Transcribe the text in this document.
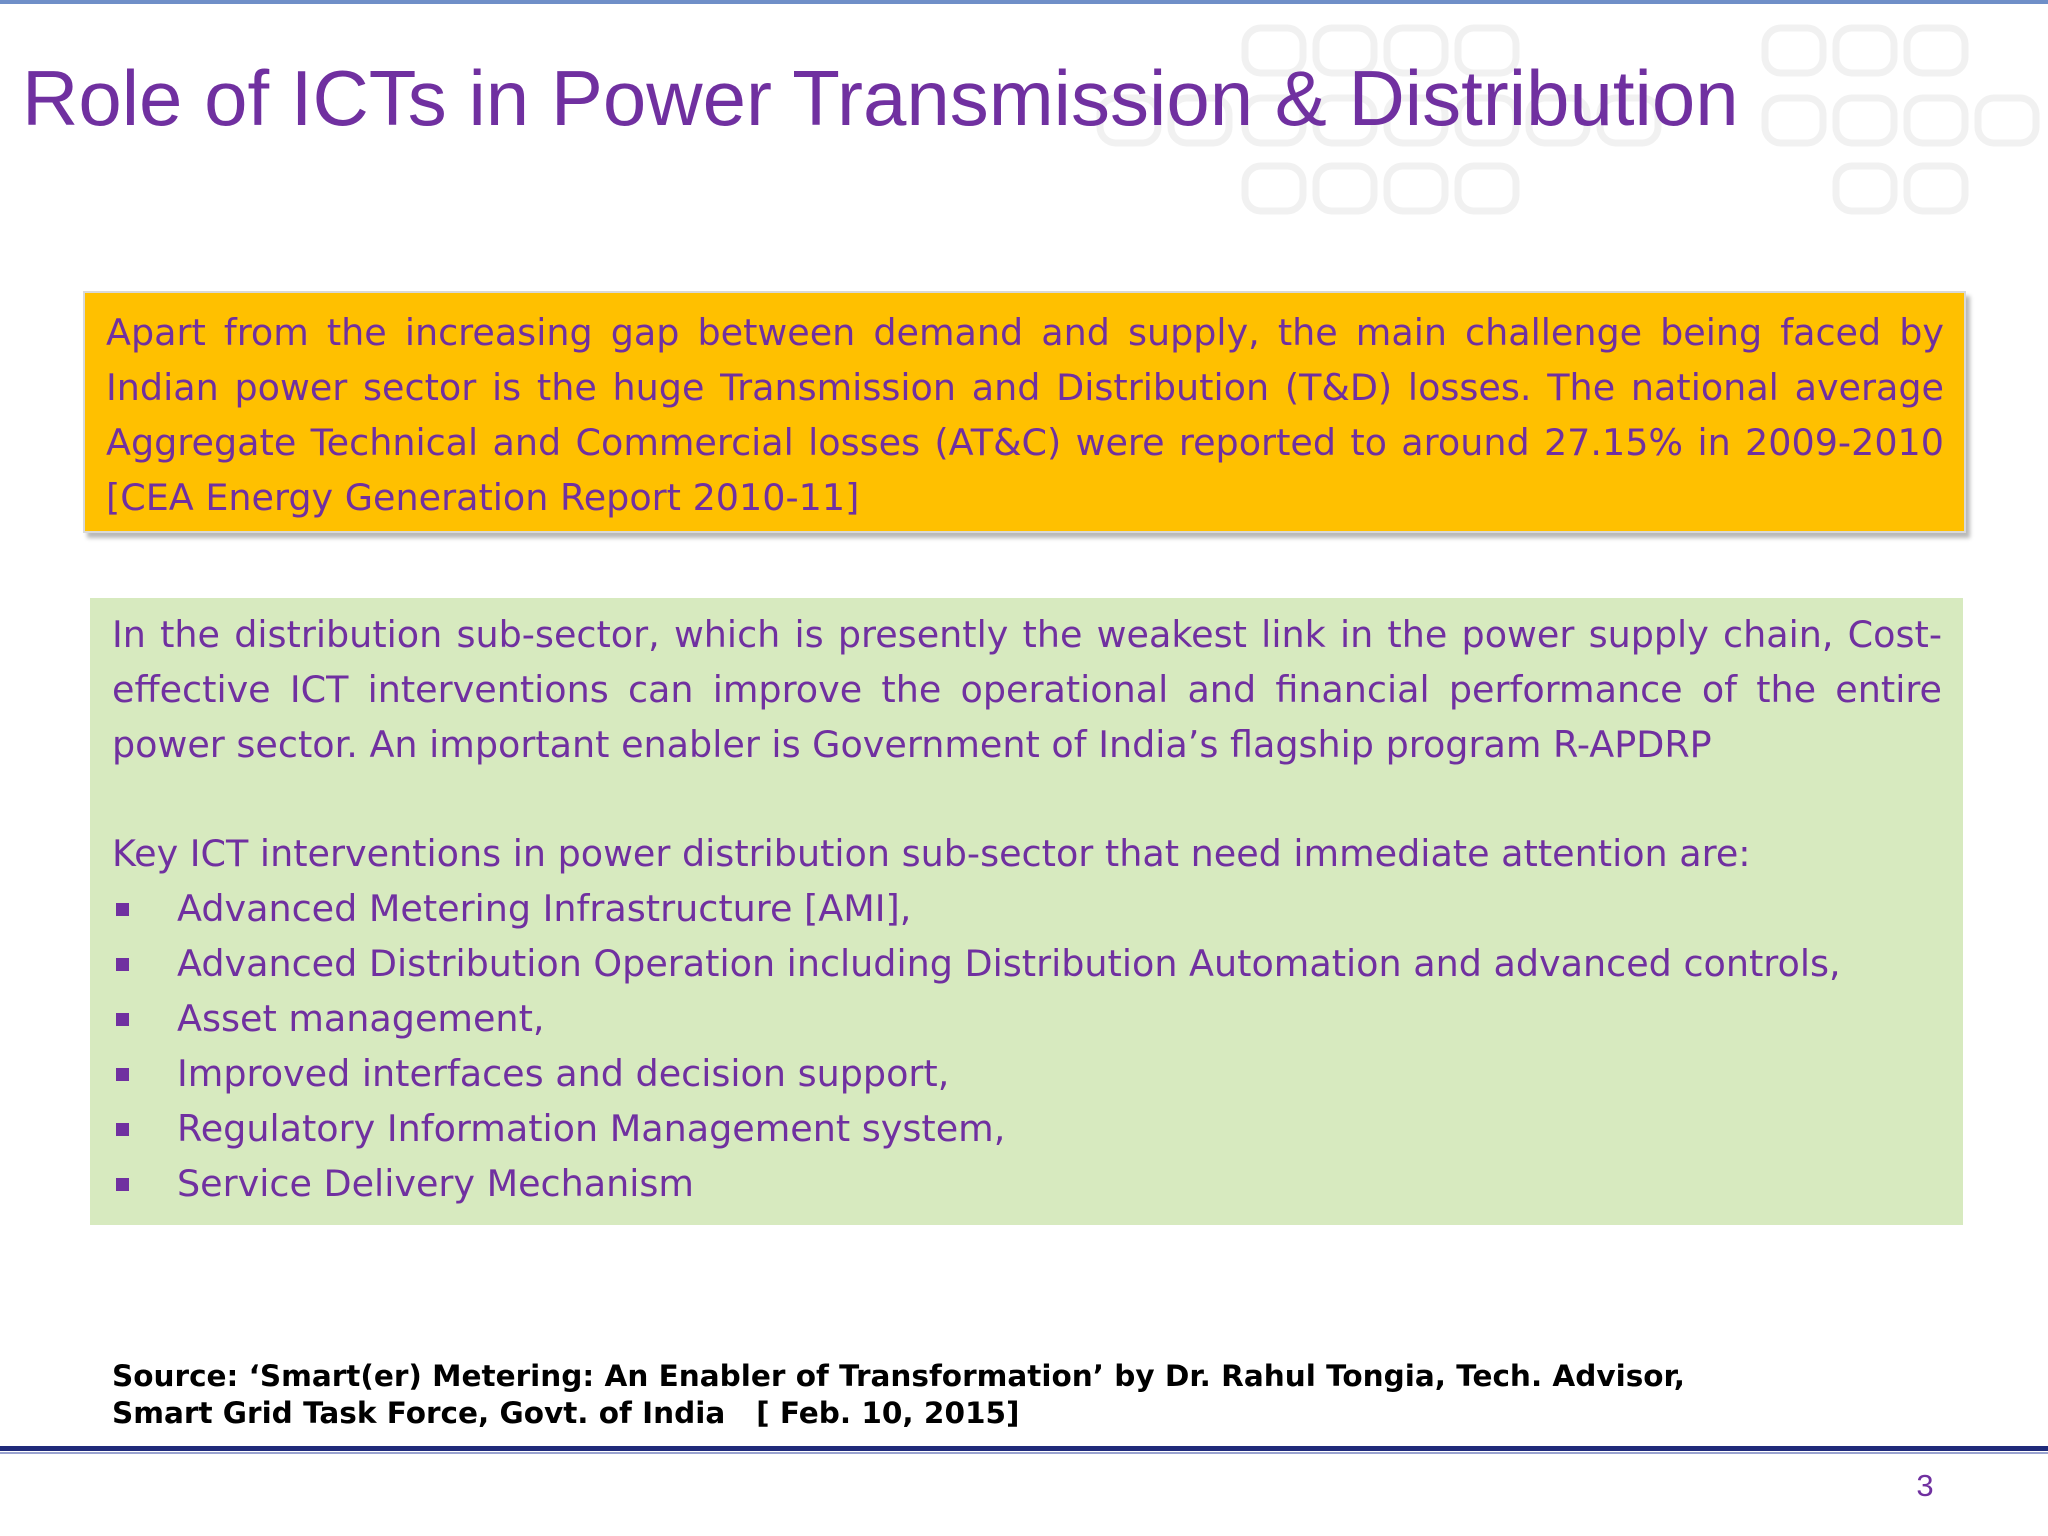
Role of ICTs in Power Transmission & Distribution

Apart from the increasing gap between demand and supply, the main challenge being faced by Indian power sector is the huge Transmission and Distribution (T&D) losses. The national average Aggregate Technical and Commercial losses (AT&C) were reported to around 27.15% in 2009-2010 [CEA Energy Generation Report 2010-11]

In the distribution sub-sector, which is presently the weakest link in the power supply chain, Cost-effective ICT interventions can improve the operational and financial performance of the entire power sector. An important enabler is Government of India’s flagship program R-APDRP

Key ICT interventions in power distribution sub-sector that need immediate attention are:

Advanced Metering Infrastructure [AMI],
Advanced Distribution Operation including Distribution Automation and advanced controls,
Asset management,
Improved interfaces and decision support,
Regulatory Information Management system,
Service Delivery Mechanism

Source: ‘Smart(er) Metering: An Enabler of Transformation’ by Dr. Rahul Tongia, Tech. Advisor,

Smart Grid Task Force, Govt. of India   [ Feb. 10, 2015]

3
